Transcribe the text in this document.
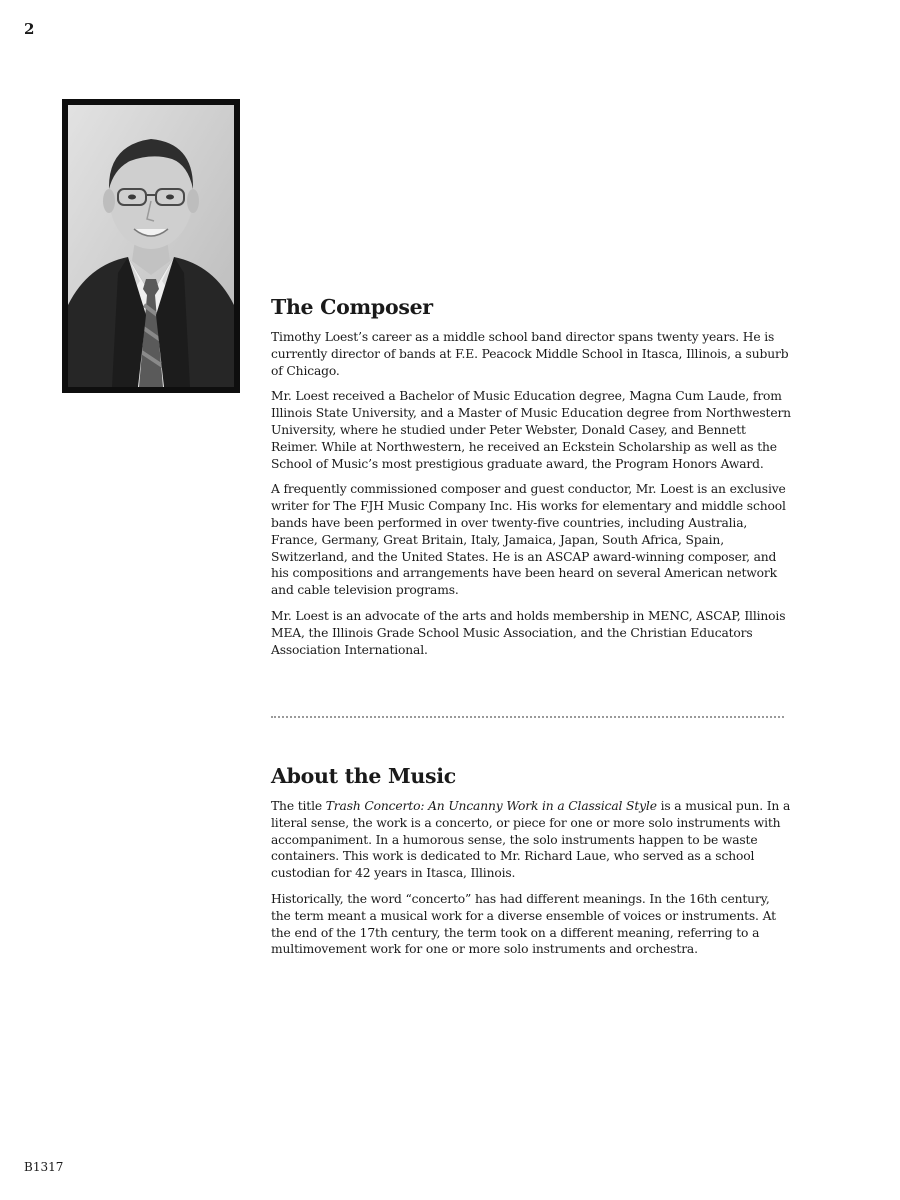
2
The Composer

Timothy Loest’s career as a middle school band director spans twenty years. He is currently director of bands at F.E. Peacock Middle School in Itasca, Illinois, a suburb of Chicago.

Mr. Loest received a Bachelor of Music Education degree, Magna Cum Laude, from Illinois State University, and a Master of Music Education degree from Northwestern University, where he studied under Peter Webster, Donald Casey, and Bennett Reimer. While at Northwestern, he received an Eckstein Scholarship as well as the School of Music’s most prestigious graduate award, the Program Honors Award.

A frequently commissioned composer and guest conductor, Mr. Loest is an exclusive writer for The FJH Music Company Inc. His works for elementary and middle school bands have been performed in over twenty-five countries, including Australia, France, Germany, Great Britain, Italy, Jamaica, Japan, South Africa, Spain, Switzerland, and the United States. He is an ASCAP award-winning composer, and his compositions and arrangements have been heard on several American network and cable television programs.

Mr. Loest is an advocate of the arts and holds membership in MENC, ASCAP, Illinois MEA, the Illinois Grade School Music Association, and the Christian Educators Association International.

About the Music

The title Trash Concerto: An Uncanny Work in a Classical Style is a musical pun. In a literal sense, the work is a concerto, or piece for one or more solo instruments with accompaniment. In a humorous sense, the solo instruments happen to be waste containers. This work is dedicated to Mr. Richard Laue, who served as a school custodian for 42 years in Itasca, Illinois.

Historically, the word “concerto” has had different meanings. In the 16th century, the term meant a musical work for a diverse ensemble of voices or instruments. At the end of the 17th century, the term took on a different meaning, referring to a multimovement work for one or more solo instruments and orchestra.

B1317
